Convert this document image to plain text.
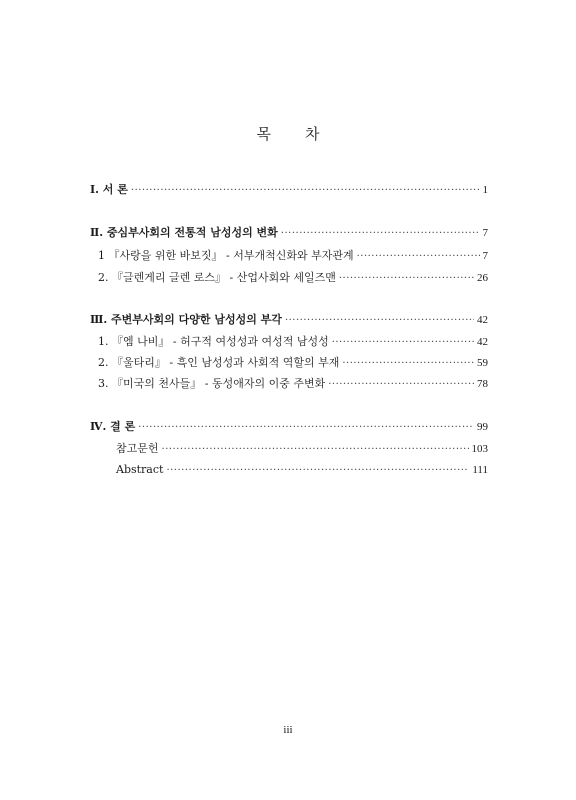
목 차
Ⅰ. 서 론 ·····	1
Ⅱ. 중심부사회의 전통적 남성성의 변화 ·····	7
1 『사랑을 위한 바보짓』 - 서부개척신화와 부자관계 ·····	7
2. 『글렌게리 글렌 로스』 - 산업사회와 세일즈맨 ·····	26
Ⅲ. 주변부사회의 다양한 남성성의 부각 ·····	42
1. 『엠 나비』 - 허구적 여성성과 여성적 남성성 ·····	42
2. 『울타리』 - 흑인 남성성과 사회적 역할의 부재 ·····	59
3. 『미국의 천사들』 - 동성애자의 이중 주변화 ·····	78
Ⅳ. 결 론 ·····	99
참고문헌 ·····	103
Abstract ·····	111
iii
